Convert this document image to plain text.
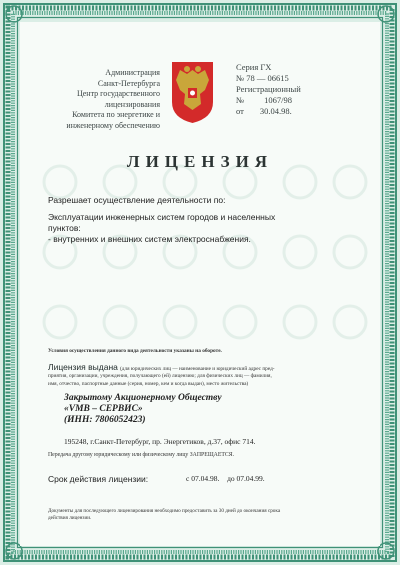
Администрация
Санкт-Петербурга
Центр государственного
лицензирования
Комитета по энергетике и
инженерному обеспечению
Серия ГХ
№ 78 — 06615
Регистрационный
№ 1067/98
от 30.04.98.
ЛИЦЕНЗИЯ
Разрешает осуществление деятельности по:
Эксплуатации инженерных систем городов и населенных
пунктов:
- внутренних и внешних систем электроснабжения.
Условия осуществления данного вида деятельности указаны на обороте.
Лицензия выдана (для юридических лиц — наименование и юридический адрес пред-
приятия, организации, учреждения, получающего (ей) лицензию; для физических лиц — фамилия,
имя, отчество, паспортные данные (серия, номер, кем и когда выдан), место жительства)
Закрытому Акционерному Обществу
«VMB – СЕРВИС»
(ИНН: 7806052423)
195248, г.Санкт-Петербург, пр. Энергетиков, д.37, офис 714.
Передача другому юридическому или физическому лицу ЗАПРЕЩАЕТСЯ.
Срок действия лицензии:	с 07.04.98. до 07.04.99.
Документы для последующего лицензирования необходимо предоставить за 30 дней до окончания срока
действия лицензии.
